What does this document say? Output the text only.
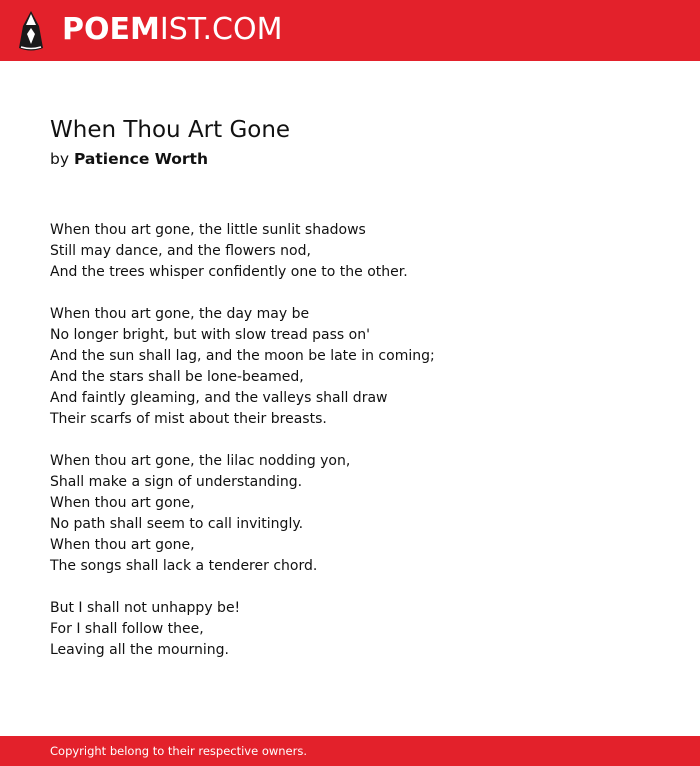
POEMIST.COM
When Thou Art Gone
by Patience Worth
When thou art gone, the little sunlit shadows
Still may dance, and the flowers nod,
And the trees whisper confidently one to the other.
When thou art gone, the day may be
No longer bright, but with slow tread pass on'
And the sun shall lag, and the moon be late in coming;
And the stars shall be lone-beamed,
And faintly gleaming, and the valleys shall draw
Their scarfs of mist about their breasts.
When thou art gone, the lilac nodding yon,
Shall make a sign of understanding.
When thou art gone,
No path shall seem to call invitingly.
When thou art gone,
The songs shall lack a tenderer chord.
But I shall not unhappy be!
For I shall follow thee,
Leaving all the mourning.
Copyright belong to their respective owners.
